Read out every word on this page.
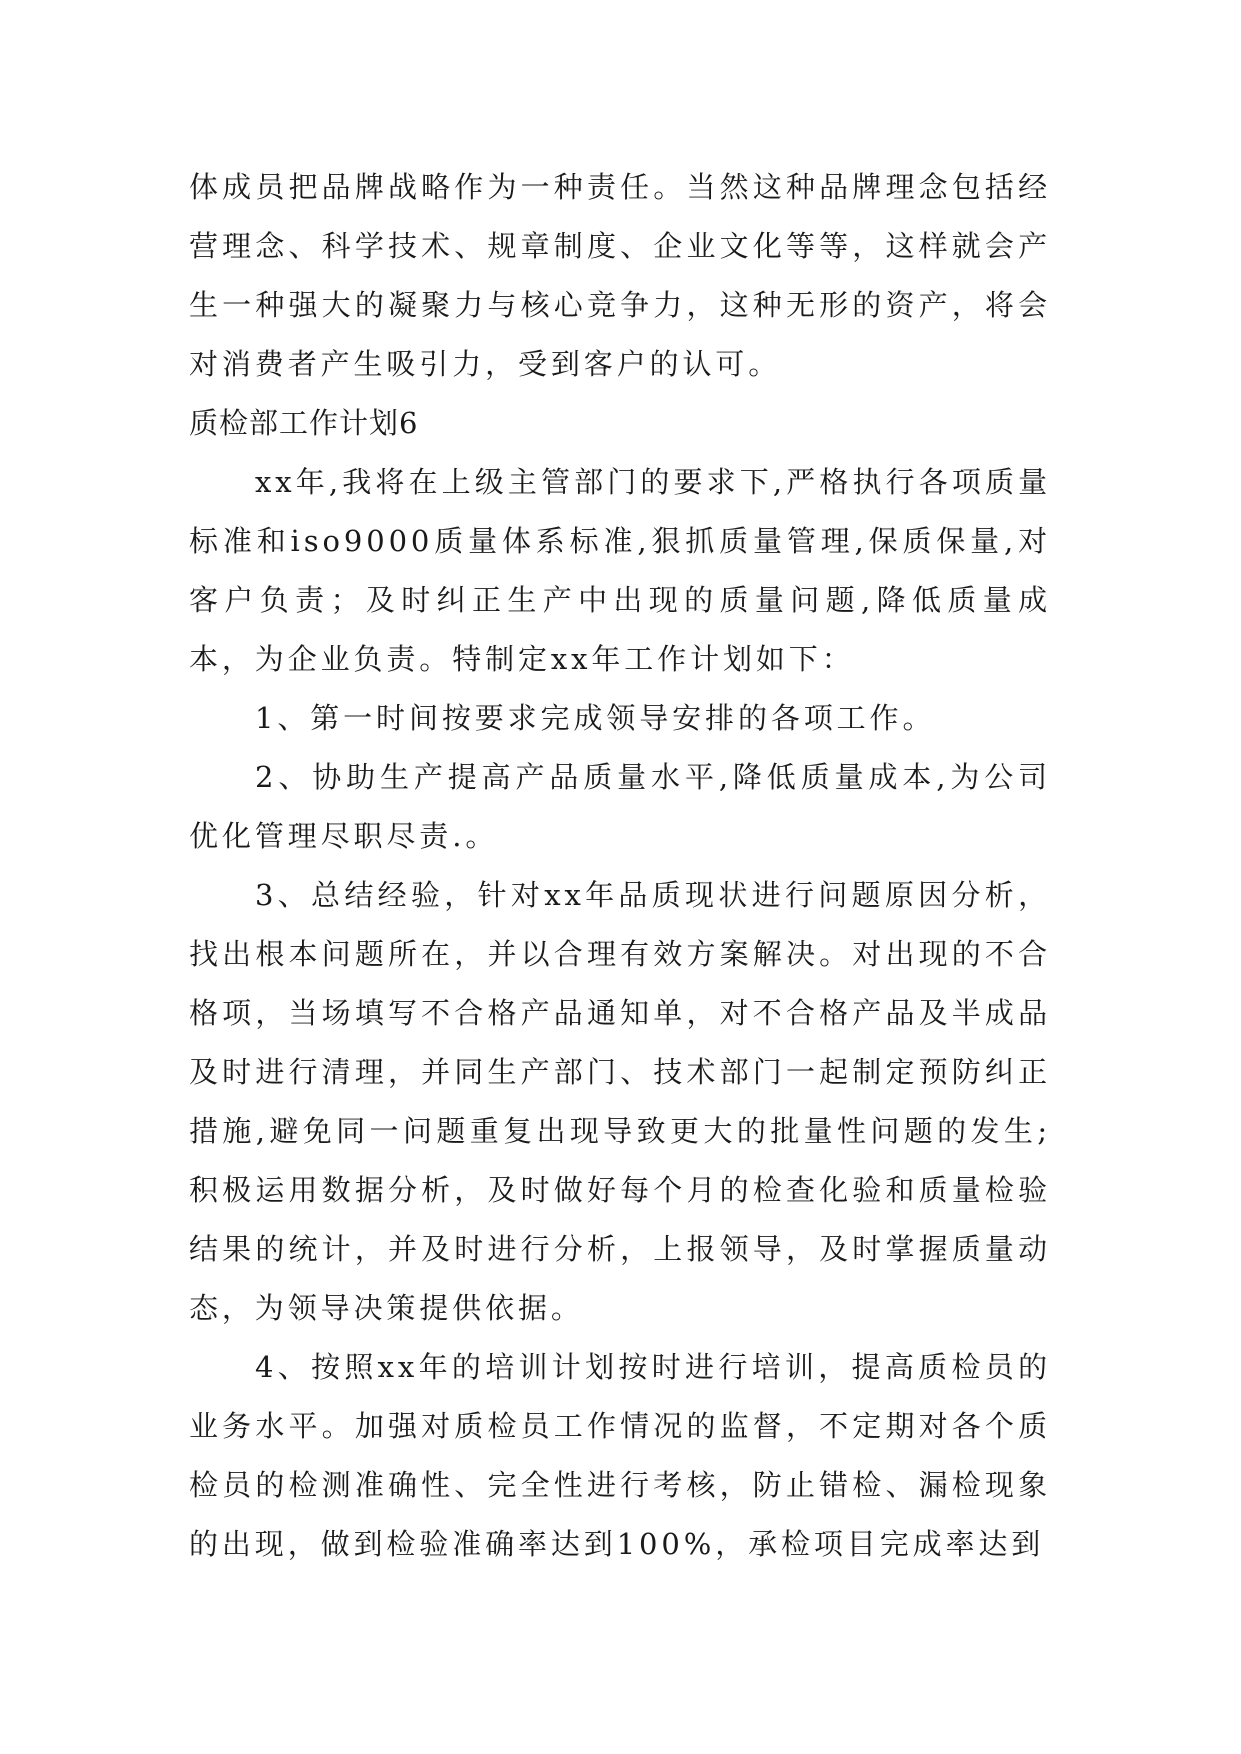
体成员把品牌战略作为一种责任。当然这种品牌理念包括经营理念、科学技术、规章制度、企业文化等等，这样就会产生一种强大的凝聚力与核心竞争力，这种无形的资产，将会对消费者产生吸引力，受到客户的认可。

质检部工作计划6

xx年,我将在上级主管部门的要求下,严格执行各项质量标准和iso9000质量体系标准,狠抓质量管理,保质保量,对客户负责；及时纠正生产中出现的质量问题,降低质量成本，为企业负责。特制定xx年工作计划如下：

1、第一时间按要求完成领导安排的各项工作。

2、协助生产提高产品质量水平,降低质量成本,为公司优化管理尽职尽责.。

3、总结经验，针对xx年品质现状进行问题原因分析，找出根本问题所在，并以合理有效方案解决。对出现的不合格项，当场填写不合格产品通知单，对不合格产品及半成品及时进行清理，并同生产部门、技术部门一起制定预防纠正措施,避免同一问题重复出现导致更大的批量性问题的发生;积极运用数据分析，及时做好每个月的检查化验和质量检验结果的统计，并及时进行分析，上报领导，及时掌握质量动态，为领导决策提供依据。

4、按照xx年的培训计划按时进行培训，提高质检员的业务水平。加强对质检员工作情况的监督，不定期对各个质检员的检测准确性、完全性进行考核，防止错检、漏检现象的出现，做到检验准确率达到100%，承检项目完成率达到
